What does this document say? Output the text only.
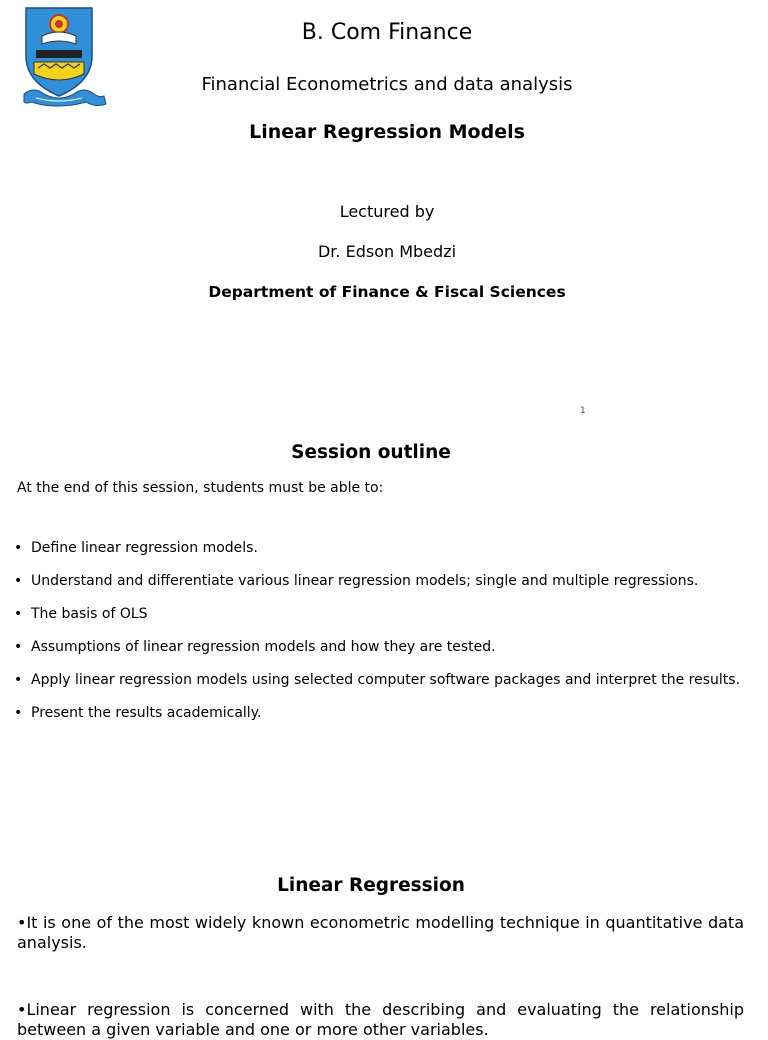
B. Com Finance
Financial Econometrics and data analysis
Linear Regression Models
Lectured by
Dr. Edson Mbedzi
Department of Finance & Fiscal Sciences
1
Session outline
At the end of this session, students must be able to:
• Define linear regression models.
• Understand and differentiate various linear regression models; single and multiple regressions.
• The basis of OLS
• Assumptions of linear regression models and how they are tested.
• Apply linear regression models using selected computer software packages and interpret the results.
• Present the results academically.
Linear Regression
•It is one of the most widely known econometric modelling technique in quantitative data analysis.
•Linear regression is concerned with the describing and evaluating the relationship between a given variable and one or more other variables.
